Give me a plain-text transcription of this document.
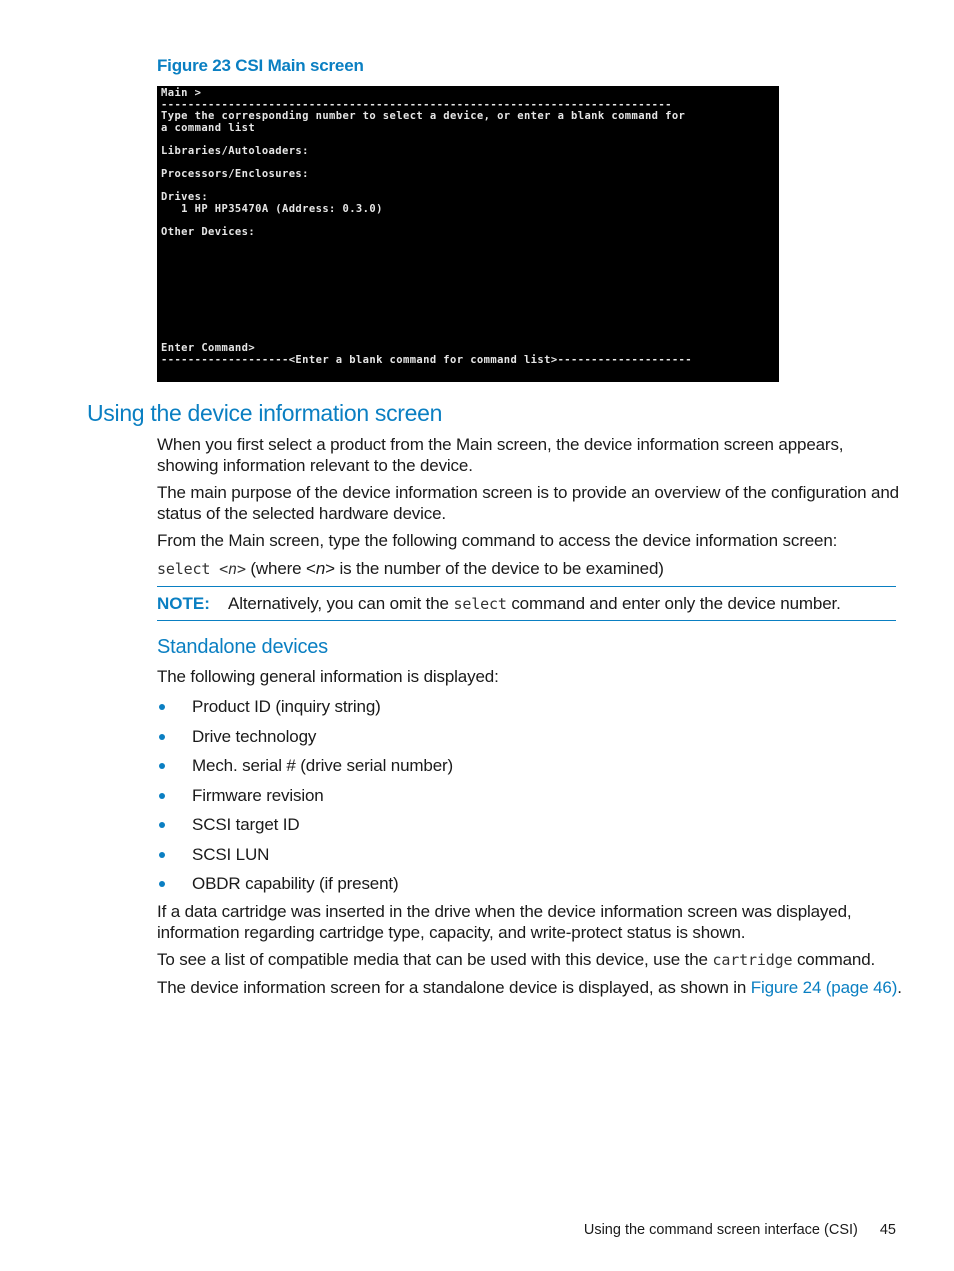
Figure 23 CSI Main screen
Main >
----------------------------------------------------------------------------
Type the corresponding number to select a device, or enter a blank command for
a command list

Libraries/Autoloaders:

Processors/Enclosures:

Drives:
1 HP HP35470A (Address: 0.3.0)

Other Devices:

Enter Command>
-------------------<Enter a blank command for command list>--------------------
Using the device information screen
When you first select a product from the Main screen, the device information screen appears, showing information relevant to the device.
The main purpose of the device information screen is to provide an overview of the configuration and status of the selected hardware device.
From the Main screen, type the following command to access the device information screen:
select <n> (where <n> is the number of the device to be examined)
NOTE: Alternatively, you can omit the select command and enter only the device number.
Standalone devices
The following general information is displayed:
Product ID (inquiry string)
Drive technology
Mech. serial # (drive serial number)
Firmware revision
SCSI target ID
SCSI LUN
OBDR capability (if present)
If a data cartridge was inserted in the drive when the device information screen was displayed, information regarding cartridge type, capacity, and write-protect status is shown.
To see a list of compatible media that can be used with this device, use the cartridge command.
The device information screen for a standalone device is displayed, as shown in Figure 24 (page 46).
Using the command screen interface (CSI) 45
